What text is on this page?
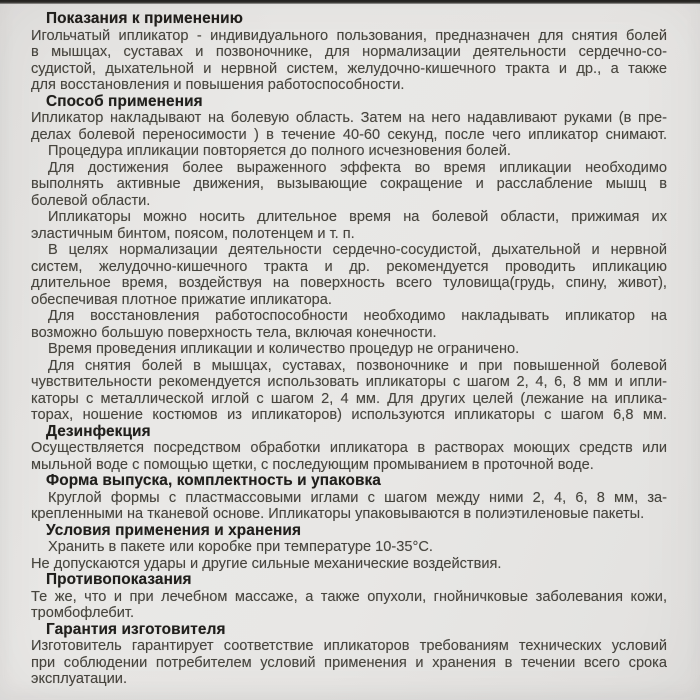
Показания к применению
Игольчатый ипликатор - индивидуального пользования, предназначен для снятия болей
в мышцах, суставах и позвоночнике, для нормализации деятельности сердечно-со-
судистой, дыхательной и нервной систем, желудочно-кишечного тракта и др., а также
для восстановления и повышения работоспособности.
Способ применения
Ипликатор накладывают на болевую область. Затем на него надавливают руками (в пре-
делах болевой переносимости ) в течение 40-60 секунд, после чего ипликатор снимают.
Процедура ипликации повторяется до полного исчезновения болей.
Для достижения более выраженного эффекта во время ипликации необходимо
выполнять активные движения, вызывающие сокращение и расслабление мышц в
болевой области.
Ипликаторы можно носить длительное время на болевой области, прижимая их
эластичным бинтом, поясом, полотенцем и т. п.
В целях нормализации деятельности сердечно-сосудистой, дыхательной и нервной
систем, желудочно-кишечного тракта и др. рекомендуется проводить ипликацию
длительное время, воздействуя на поверхность всего туловища(грудь, спину, живот),
обеспечивая плотное прижатие ипликатора.
Для восстановления работоспособности необходимо накладывать ипликатор на
возможно большую поверхность тела, включая конечности.
Время проведения ипликации и количество процедур не ограничено.
Для снятия болей в мышцах, суставах, позвоночнике и при повышенной болевой
чувствительности рекомендуется использовать ипликаторы с шагом 2, 4, 6, 8 мм и ипли-
каторы с металлической иглой с шагом 2, 4 мм. Для других целей (лежание на иплика-
торах, ношение костюмов из ипликаторов) используются ипликаторы с шагом 6,8 мм.
Дезинфекция
Осуществляется посредством обработки ипликатора в растворах моющих средств или
мыльной воде с помощью щетки, с последующим промыванием в проточной воде.
Форма выпуска, комплектность и упаковка
Круглой формы с пластмассовыми иглами с шагом между ними 2, 4, 6, 8 мм, за-
крепленными на тканевой основе. Ипликаторы упаковываются в полиэтиленовые пакеты.
Условия применения и хранения
Хранить в пакете или коробке при температуре 10-35°С.
Не допускаются удары и другие сильные механические воздействия.
Противопоказания
Те же, что и при лечебном массаже, а также опухоли, гнойничковые заболевания кожи,
тромбофлебит.
Гарантия изготовителя
Изготовитель гарантирует соответствие ипликаторов требованиям технических условий
при соблюдении потребителем условий применения и хранения в течении всего срока
эксплуатации.
